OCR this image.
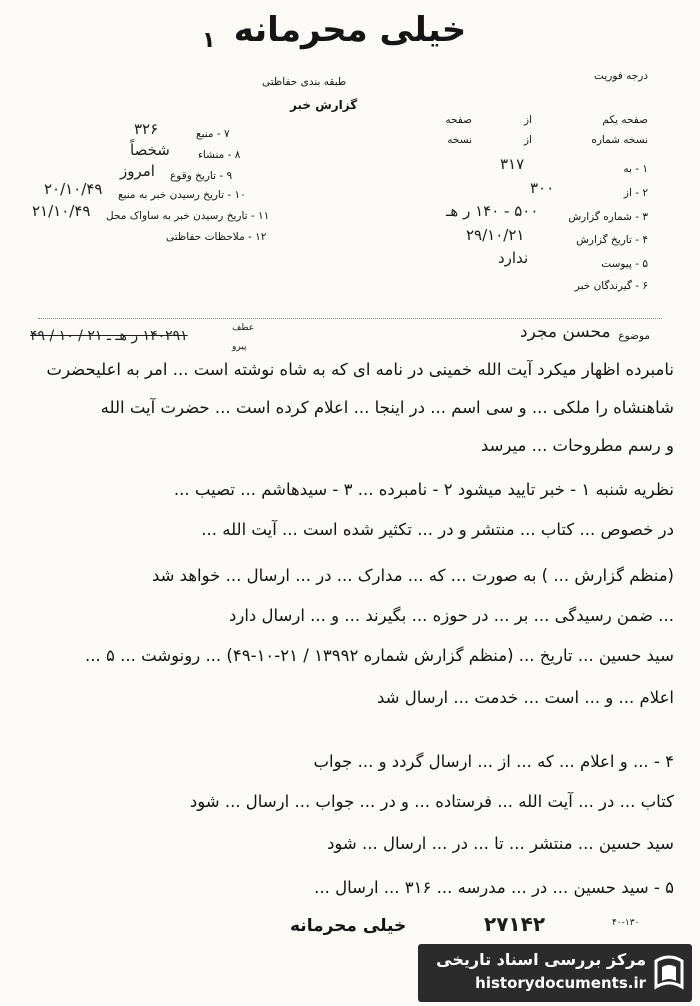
خیلی محرمانه
۱
درجه فوریت
طبقه بندی حفاظتی
گزارش خبر
صفحه یکم
از
صفحه
نسخه شماره
از
نسخه
۱ - به
۳۱۷
۲ - از
۳۰۰
۳ - شماره گزارش
۵۰۰ - ۱۴۰ ر هـ
۴ - تاریخ گزارش
۲۹/۱۰/۲۱
۵ - پیوست
ندارد
۶ - گیرندگان خبر
۷ - منبع
۳۲۶
۸ - منشاء
شخصاً
۹ - تاریخ وقوع
امروز
۱۰ - تاریخ رسیدن خبر به منبع
۲۰/۱۰/۴۹
۱۱ - تاریخ رسیدن خبر به ساواک محل
۲۱/۱۰/۴۹
۱۲ - ملاحظات حفاظتی
موضوع
محسن مجرد
عطف
پیرو
۱۴۰۲۹۱ ر هـ ـ ۲۱ / ۱۰ / ۴۹
نامبرده اظهار میکرد آیت الله خمینی در نامه ای که به شاه نوشته است ... امر به اعلیحضرت
شاهنشاه را ملکی ... و سی اسم ... در اینجا ... اعلام کرده است ... حضرت آیت الله
و رسم مطروحات ... میرسد
نظریه شنبه ۱ - خبر تایید میشود ۲ - نامبرده ... ۳ - سیدهاشم ... تصیب ...
در خصوص ... کتاب ... منتشر و در ... تکثیر شده است ... آیت الله ...
(منظم گزارش ... ) به صورت ... که ... مدارک ... در ... ارسال ... خواهد شد
... ضمن رسیدگی ... بر ... در حوزه ... بگیرند ... و ... ارسال دارد
سید حسین ... تاریخ ... (منظم گزارش شماره ۱۳۹۹۲ / ۲۱-۱۰-۴۹) ... رونوشت ... ۵ ...
اعلام ... و ... است ... خدمت ... ارسال شد
۴ - ... و اعلام ... که ... از ... ارسال گردد و ... جواب
کتاب ... در ... آیت الله ... فرستاده ... و در ... جواب ... ارسال ... شود
سید حسین ... منتشر ... تا ... در ... ارسال ... شود
۵ - سید حسین ... در ... مدرسه ... ۳۱۶ ... ارسال ...
۲۷۱۴۲	۴۰-۱۳۰
خیلی محرمانه
مرکز بررسی اسناد تاریخی
historydocuments.ir
